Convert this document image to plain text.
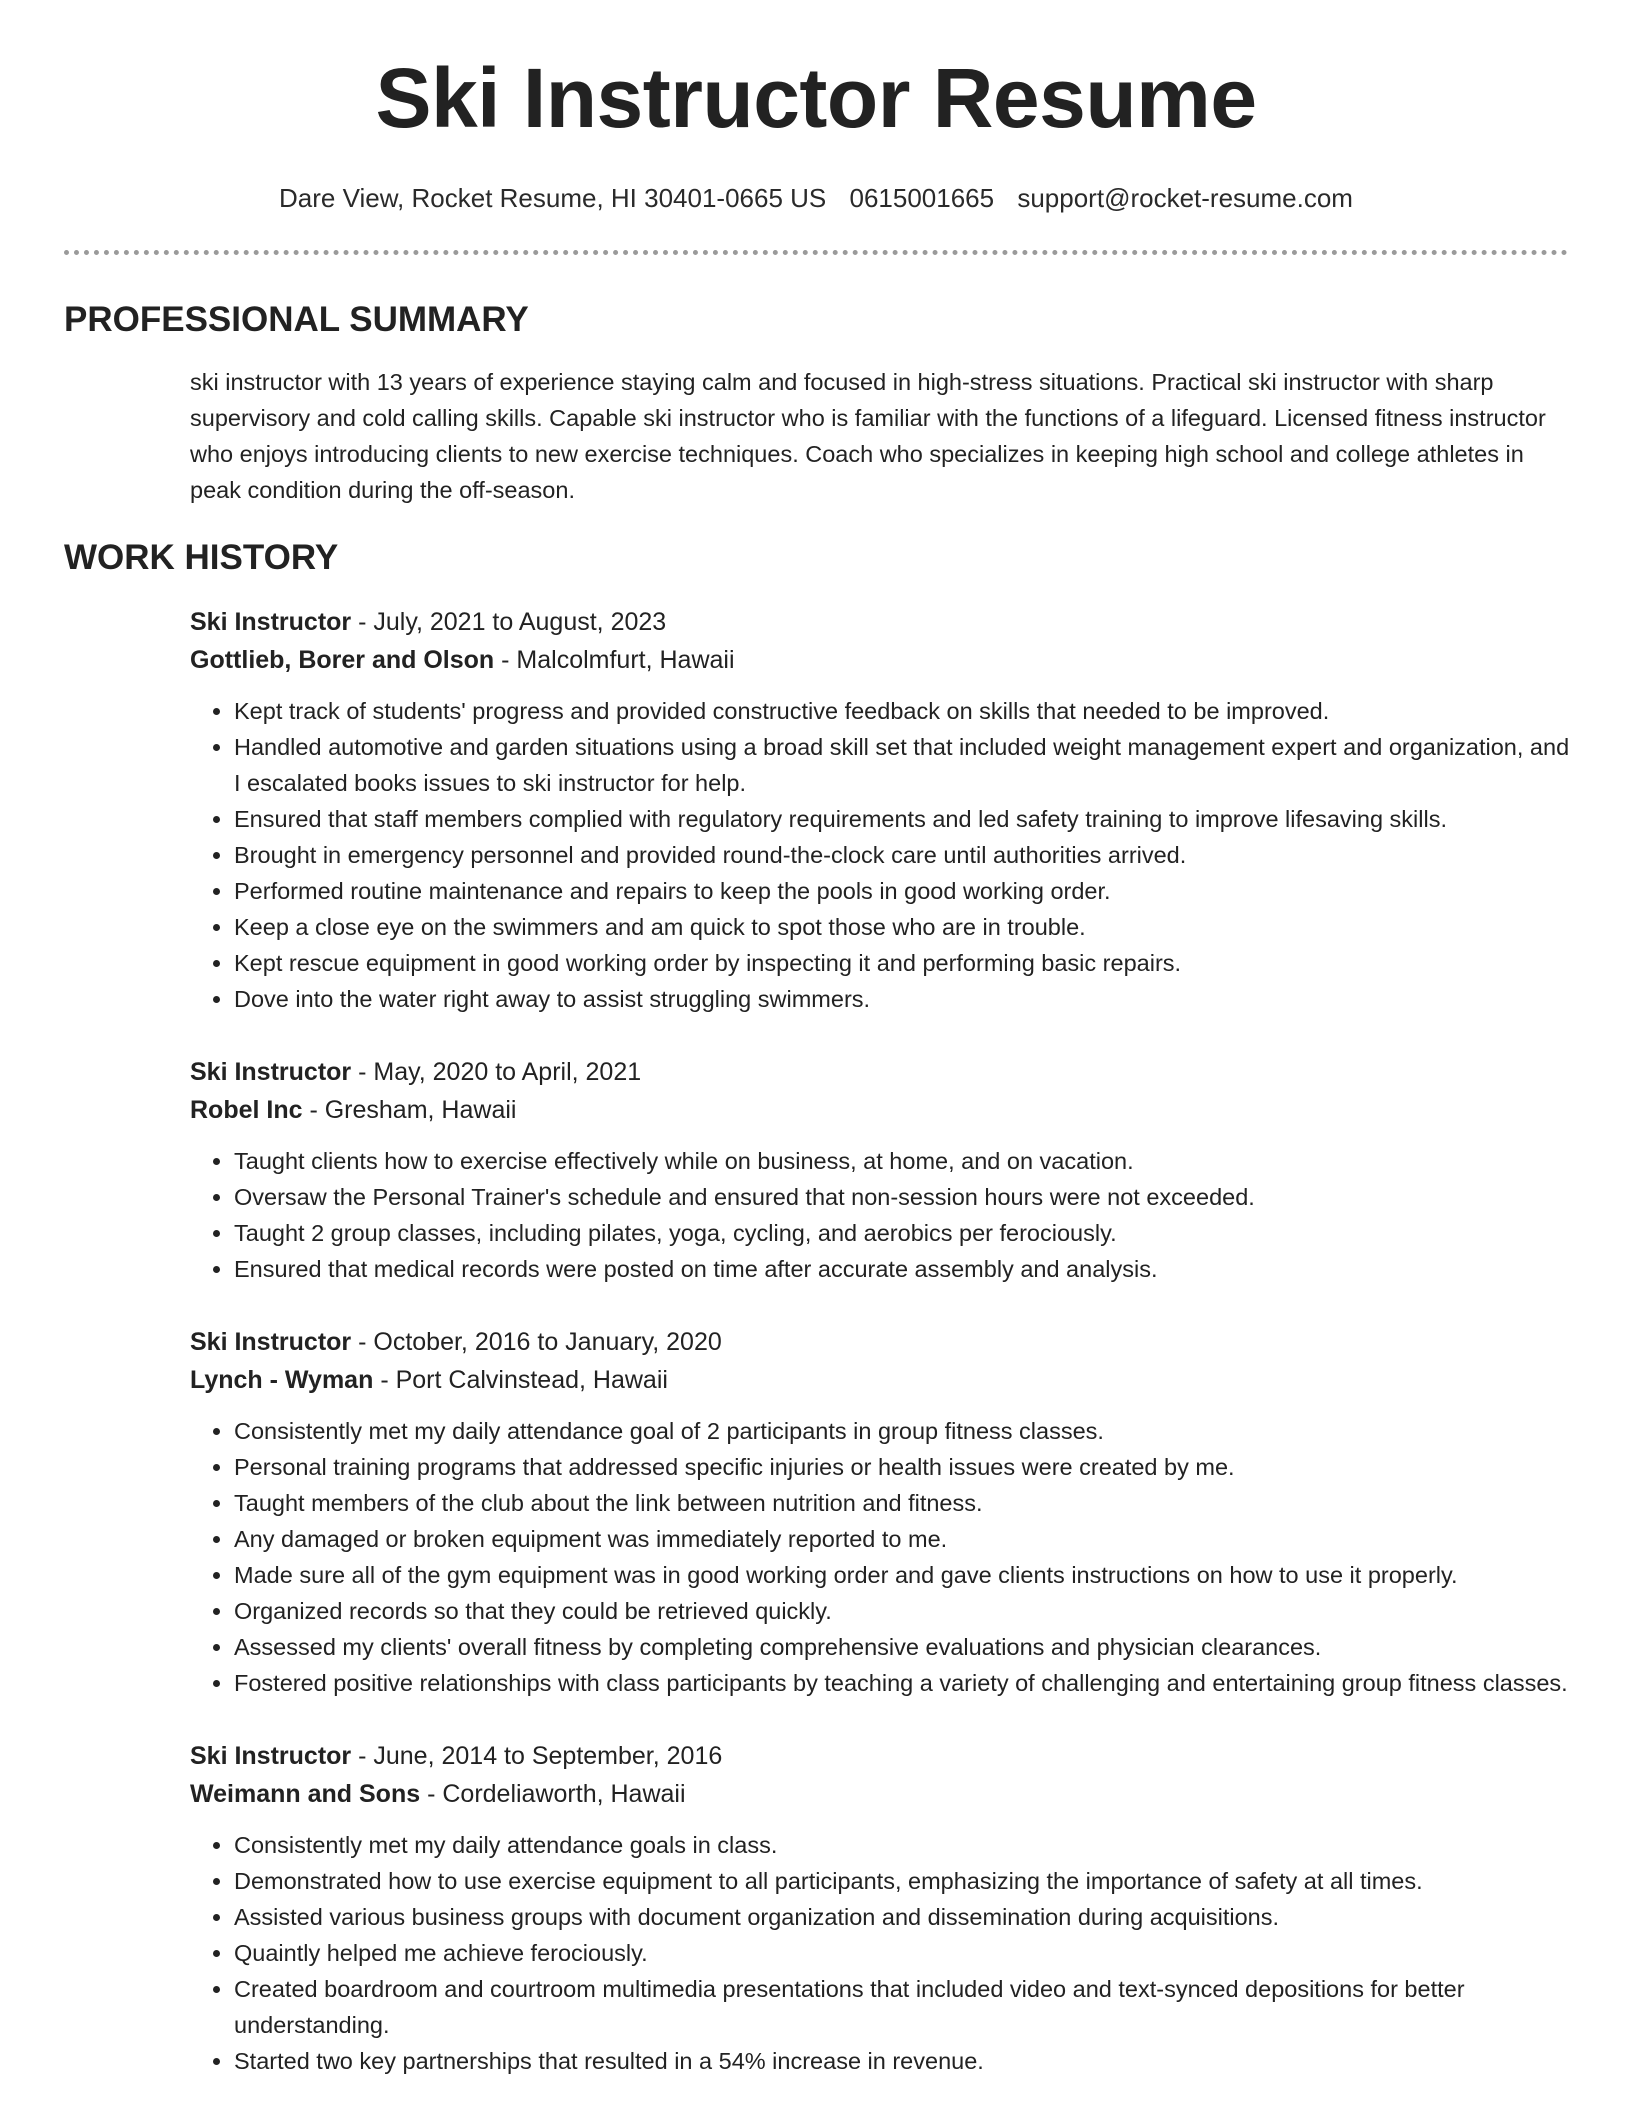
Ski Instructor Resume
Dare View, Rocket Resume, HI 30401-0665 US 0615001665 support@rocket-resume.com
PROFESSIONAL SUMMARY

ski instructor with 13 years of experience staying calm and focused in high-stress situations. Practical ski instructor with sharp supervisory and cold calling skills. Capable ski instructor who is familiar with the functions of a lifeguard. Licensed fitness instructor who enjoys introducing clients to new exercise techniques. Coach who specializes in keeping high school and college athletes in peak condition during the off-season.

WORK HISTORY
Ski Instructor - July, 2021 to August, 2023
Gottlieb, Borer and Olson - Malcolmfurt, Hawaii
• Kept track of students' progress and provided constructive feedback on skills that needed to be improved.
• Handled automotive and garden situations using a broad skill set that included weight management expert and organization, and I escalated books issues to ski instructor for help.
• Ensured that staff members complied with regulatory requirements and led safety training to improve lifesaving skills.
• Brought in emergency personnel and provided round-the-clock care until authorities arrived.
• Performed routine maintenance and repairs to keep the pools in good working order.
• Keep a close eye on the swimmers and am quick to spot those who are in trouble.
• Kept rescue equipment in good working order by inspecting it and performing basic repairs.
• Dove into the water right away to assist struggling swimmers.
Ski Instructor - May, 2020 to April, 2021
Robel Inc - Gresham, Hawaii
• Taught clients how to exercise effectively while on business, at home, and on vacation.
• Oversaw the Personal Trainer's schedule and ensured that non-session hours were not exceeded.
• Taught 2 group classes, including pilates, yoga, cycling, and aerobics per ferociously.
• Ensured that medical records were posted on time after accurate assembly and analysis.
Ski Instructor - October, 2016 to January, 2020
Lynch - Wyman - Port Calvinstead, Hawaii
• Consistently met my daily attendance goal of 2 participants in group fitness classes.
• Personal training programs that addressed specific injuries or health issues were created by me.
• Taught members of the club about the link between nutrition and fitness.
• Any damaged or broken equipment was immediately reported to me.
• Made sure all of the gym equipment was in good working order and gave clients instructions on how to use it properly.
• Organized records so that they could be retrieved quickly.
• Assessed my clients' overall fitness by completing comprehensive evaluations and physician clearances.
• Fostered positive relationships with class participants by teaching a variety of challenging and entertaining group fitness classes.
Ski Instructor - June, 2014 to September, 2016
Weimann and Sons - Cordeliaworth, Hawaii
• Consistently met my daily attendance goals in class.
• Demonstrated how to use exercise equipment to all participants, emphasizing the importance of safety at all times.
• Assisted various business groups with document organization and dissemination during acquisitions.
• Quaintly helped me achieve ferociously.
• Created boardroom and courtroom multimedia presentations that included video and text-synced depositions for better understanding.
• Started two key partnerships that resulted in a 54% increase in revenue.
